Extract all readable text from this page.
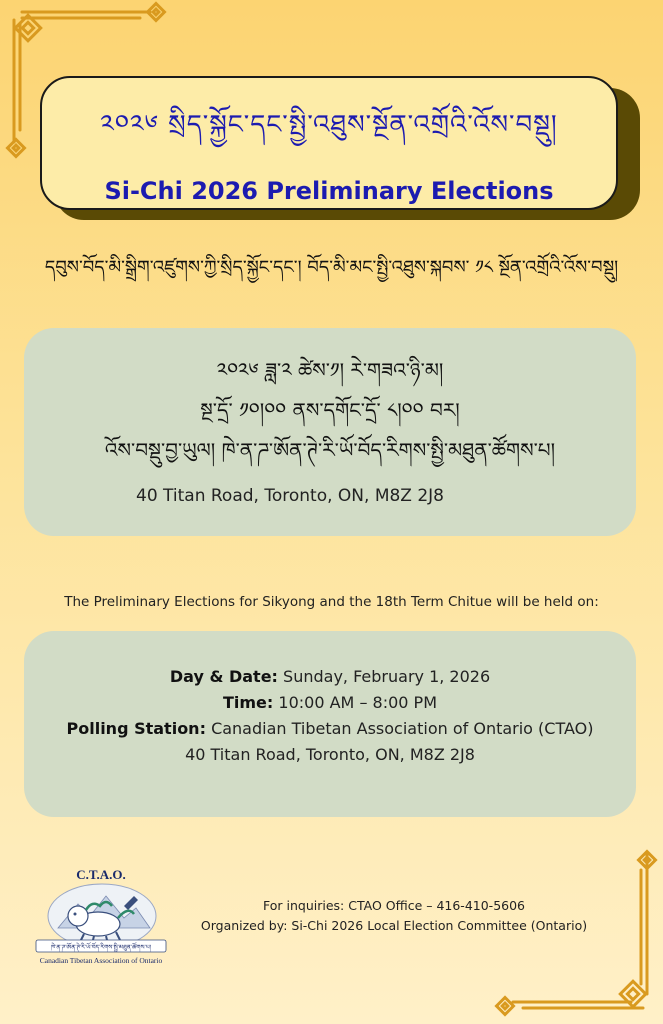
༢༠༢༦ སྲིད་སྐྱོང་དང་སྤྱི་འཐུས་སྔོན་འགྲོའི་འོས་བསྡུ།
Si-Chi 2026 Preliminary Elections
དབུས་བོད་མི་སྒྲིག་འཛུགས་ཀྱི་སྲིད་སྐྱོང་དང་། བོད་མི་མང་སྤྱི་འཐུས་སྐབས་ ༡༨ སྔོན་འགྲོའི་འོས་བསྡུ།
༢༠༢༦ ཟླ་༢ ཚེས་༡། རེ་གཟའ་ཉི་མ།
སྔ་དྲོ་ ༡༠།༠༠ ནས་དགོང་དྲོ་ ༨།༠༠ བར།
འོས་བསྡུ་བྱ་ཡུལ། ཁེ་ན་ཌ་ཨོན་ཊེ་རི་ཡོ་བོད་རིགས་སྤྱི་མཐུན་ཚོགས་པ།
40 Titan Road, Toronto, ON, M8Z 2J8
The Preliminary Elections for Sikyong and the 18th Term Chitue will be held on:
Day & Date: Sunday, February 1, 2026
Time: 10:00 AM – 8:00 PM
Polling Station: Canadian Tibetan Association of Ontario (CTAO)
40 Titan Road, Toronto, ON, M8Z 2J8
C.T.A.O.
ཁེ་ན་ཌ་ཨོན་ཊེ་རི་ཡོ་བོད་རིགས་སྤྱི་མཐུན་ཚོགས་པ།
Canadian Tibetan Association of Ontario
For inquiries: CTAO Office – 416-410-5606
Organized by: Si-Chi 2026 Local Election Committee (Ontario)
